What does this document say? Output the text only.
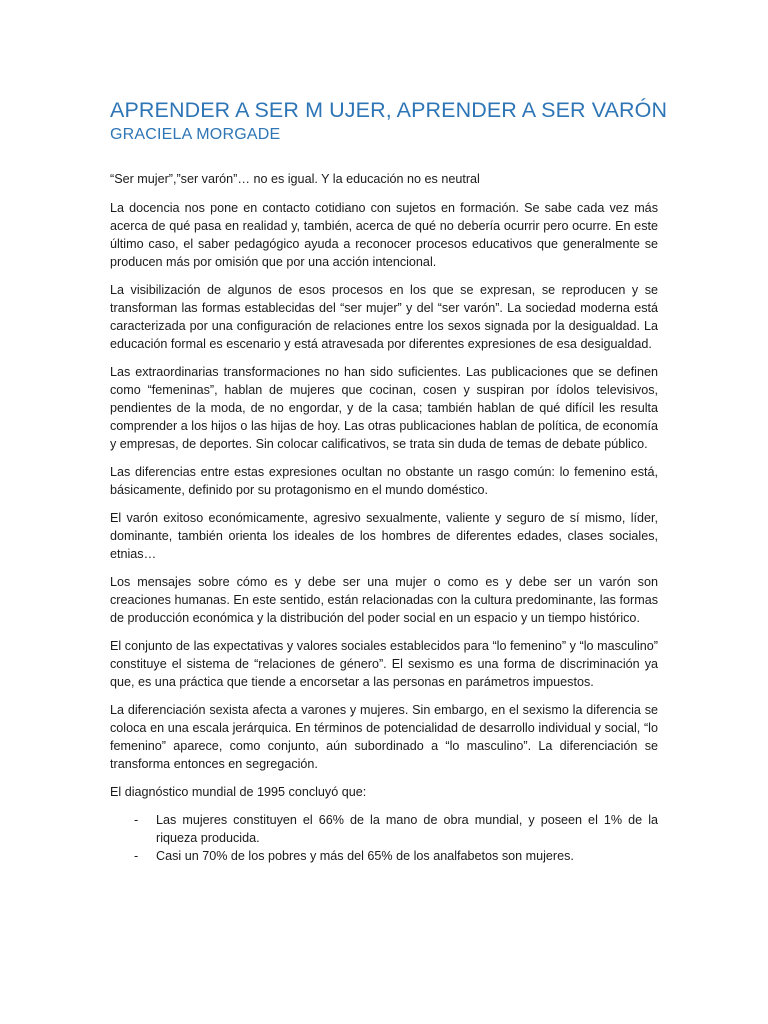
APRENDER A SER M UJER, APRENDER A SER VARÓN
GRACIELA MORGADE

“Ser mujer”,”ser varón”… no es igual. Y la educación no es neutral

La docencia nos pone en contacto cotidiano con sujetos en formación. Se sabe cada vez más acerca de qué pasa en realidad y, también, acerca de qué no debería ocurrir pero ocurre. En este último caso, el saber pedagógico ayuda a reconocer procesos educativos que generalmente se producen más por omisión que por una acción intencional.

La visibilización de algunos de esos procesos en los que se expresan, se reproducen y se transforman las formas establecidas del “ser mujer” y del “ser varón”. La sociedad moderna está caracterizada por una configuración de relaciones entre los sexos signada por la desigualdad. La educación formal es escenario y está atravesada por diferentes expresiones de esa desigualdad.

Las extraordinarias transformaciones no han sido suficientes. Las publicaciones que se definen como “femeninas”, hablan de mujeres que cocinan, cosen y suspiran por ídolos televisivos, pendientes de la moda, de no engordar, y de la casa; también hablan de qué difícil les resulta comprender a los hijos o las hijas de hoy. Las otras publicaciones hablan de política, de economía y empresas, de deportes. Sin colocar calificativos, se trata sin duda de temas de debate público.

Las diferencias entre estas expresiones ocultan no obstante un rasgo común: lo femenino está, básicamente, definido por su protagonismo en el mundo doméstico.

El varón exitoso económicamente, agresivo sexualmente, valiente y seguro de sí mismo, líder, dominante, también orienta los ideales de los hombres de diferentes edades, clases sociales, etnias…

Los mensajes sobre cómo es y debe ser una mujer o como es y debe ser un varón son creaciones humanas. En este sentido, están relacionadas con la cultura predominante, las formas de producción económica y la distribución del poder social en un espacio y un tiempo histórico.

El conjunto de las expectativas y valores sociales establecidos para “lo femenino” y “lo masculino” constituye el sistema de “relaciones de género”. El sexismo es una forma de discriminación ya que, es una práctica que tiende a encorsetar a las personas en parámetros impuestos.

La diferenciación sexista afecta a varones y mujeres. Sin embargo, en el sexismo la diferencia se coloca en una escala jerárquica. En términos de potencialidad de desarrollo individual y social, “lo femenino” aparece, como conjunto, aún subordinado a “lo masculino”. La diferenciación se transforma entonces en segregación.

El diagnóstico mundial de 1995 concluyó que:

- Las mujeres constituyen el 66% de la mano de obra mundial, y poseen el 1% de la riqueza producida.
- Casi un 70% de los pobres y más del 65% de los analfabetos son mujeres.
